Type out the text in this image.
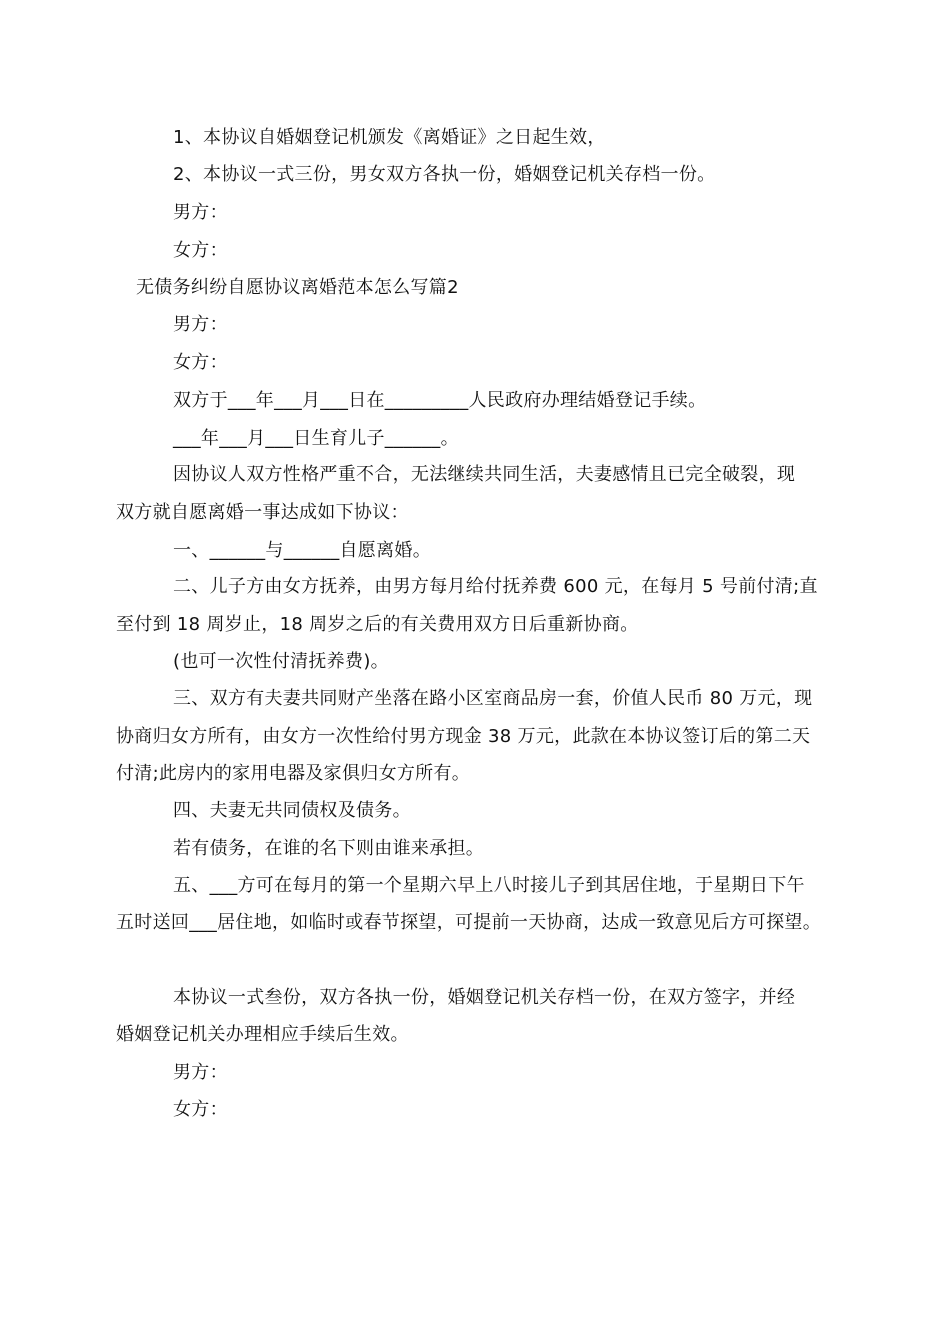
1、本协议自婚姻登记机颁发《离婚证》之日起生效，
2、本协议一式三份，男女双方各执一份，婚姻登记机关存档一份。
男方：
女方：
无债务纠纷自愿协议离婚范本怎么写篇2
男方：
女方：
双方于___年___月___日在_________人民政府办理结婚登记手续。
___年___月___日生育儿子______。
因协议人双方性格严重不合，无法继续共同生活，夫妻感情且已完全破裂，现
双方就自愿离婚一事达成如下协议：
一、______与______自愿离婚。
二、儿子方由女方抚养，由男方每月给付抚养费 600 元，在每月 5 号前付清;直
至付到 18 周岁止，18 周岁之后的有关费用双方日后重新协商。
(也可一次性付清抚养费)。
三、双方有夫妻共同财产坐落在路小区室商品房一套，价值人民币 80 万元，现
协商归女方所有，由女方一次性给付男方现金 38 万元，此款在本协议签订后的第二天
付清;此房内的家用电器及家俱归女方所有。
四、夫妻无共同债权及债务。
若有债务，在谁的名下则由谁来承担。
五、___方可在每月的第一个星期六早上八时接儿子到其居住地，于星期日下午
五时送回___居住地，如临时或春节探望，可提前一天协商，达成一致意见后方可探望。
本协议一式叁份，双方各执一份，婚姻登记机关存档一份，在双方签字，并经
婚姻登记机关办理相应手续后生效。
男方：
女方：
